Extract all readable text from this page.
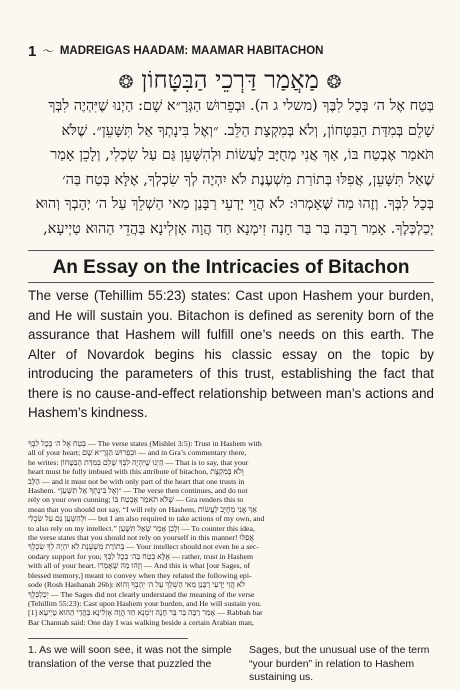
1 〜 MADREIGAS HAADAM: MAAMAR HABITACHON
❂ מַאֲמַר דַּרְכֵי הַבִּטָּחוֹן ❂
בְּטַח אֶל ה׳ בְּכָל לִבֶּךָ (משלי ג ה). וּבְפֵרוּשׁ הַגְּרָ״א שָׁם: הַיְנוּ שֶׁיִּהְיֶה לִבְּךָ
שָׁלֵם בְּמִדַּת הַבִּטָּחוֹן, וְלֹא בְּמִקְצָת הַלֵּב. ״וְאֶל בִּינָתְךָ אַל תִּשָּׁעֵן״. שֶׁלֹּא
תֹּאמַר אֶבְטַח בּוֹ, אַךְ אֲנִי מְחֻיָּב לַעֲשׂוֹת וּלְהִשָּׁעֵן גַּם עַל שִׂכְלִי, וְלָכֵן אָמַר
שֶׁאַל תִּשָּׁעֵן, אֲפִלּוּ בְּתוֹרַת מִשְׁעֶנֶת לֹא יִהְיֶה לְךָ שִׂכְלְךָ, אֶלָּא בְּטַח בַּה׳
בְּכָל לִבְּךָ. וְזֶהוּ מַה שֶּׁאָמְרוּ: לֹא הֲוֵי יָדְעֵי רַבָּנַן מַאי הַשְׁלֵךְ עַל ה׳ יְהָבְךָ וְהוּא
יְכַלְכְּלֶךָ. אָמַר רַבָּה בַּר בַּר חָנָה זִימְנָא חַד הֲוָה אָזְלִינָא בַּהֲדֵי הַהוּא טַיְיעָא,
An Essay on the Intricacies of Bitachon
The verse (Tehillim 55:23) states: Cast upon Hashem your burden, and He will sustain you. Bitachon is defined as serenity born of the assurance that Hashem will fulfill one’s needs on this earth. The Alter of Novardok begins his classic essay on the topic by introducing the parameters of this trust, establishing the fact that there is no cause-and-effect relationship between man’s actions and Hashem’s kindness.
בְּטַח אֶל ה׳ בְּכָל לִבֶּךָ — The verse states (Mishlei 3:5): Trust in Hashem with
all of your heart; וּבְפֵרוּשׁ הַגְּרָ״א שָׁם — and in Gra’s commentary there,
he writes: הַיְנוּ שֶׁיִּהְיֶה לִבְּךָ שָׁלֵם בְּמִדַּת הַבִּטָּחוֹן — That is to say, that your
heart must be fully imbued with this attribute of bitachon, וְלֹא בְּמִקְצָת
הַלֵּב — and it must not be with only part of the heart that one trusts in
Hashem. ״וְאֶל בִּינָתְךָ אַל תִּשָּׁעֵן״ — The verse then continues, and do not
rely on your own cunning; שֶׁלֹּא תֹאמַר אֶבְטַח בּוֹ — Gra renders this to
mean that you should not say, “I will rely on Hashem, אַךְ אֲנִי מְחֻיָּב לַעֲשׂוֹת
וּלְהִשָּׁעֵן גַּם עַל שִׂכְלִי — but I am also required to take actions of my own, and
to also rely on my intellect.” וְלָכֵן אָמַר שֶׁאַל תִּשָּׁעֵן — To counter this idea,
the verse states that you should not rely on yourself in this manner! אֲפִלּוּ
בְּתוֹרַת מִשְׁעֶנֶת לֹא יִהְיֶה לְךָ שִׂכְלְךָ — Your intellect should not even be a sec-
ondary support for you; אֶלָּא בְּטַח בַּה׳ בְּכָל לִבְּךָ — rather, trust in Hashem
with all of your heart. וְזֶהוּ מַה שֶּׁאָמְרוּ — And this is what [our Sages, of
blessed memory,] meant to convey when they related the following epi-
sode (Rosh Hashanah 26b): לֹא הֲוֵי יָדְעֵי רַבָּנַן מַאי הַשְׁלֵךְ עַל ה׳ יְהָבְךָ וְהוּא
יְכַלְכְּלֶךָ — The Sages did not clearly understand the meaning of the verse
(Tehillim 55:23): Cast upon Hashem your burden, and He will sustain you.
[1] אָמַר רַבָּה בַּר בַּר חָנָה זִימְנָא חַד הֲוָה אָזְלִינָא בַּהֲדֵי הַהוּא טַיְיעָא — Rabbah bar
Bar Channah said: One day I was walking beside a certain Arabian man,
1. As we will soon see, it was not the simple translation of the verse that puzzled the
Sages, but the unusual use of the term “your burden” in relation to Hashem sustaining us.
